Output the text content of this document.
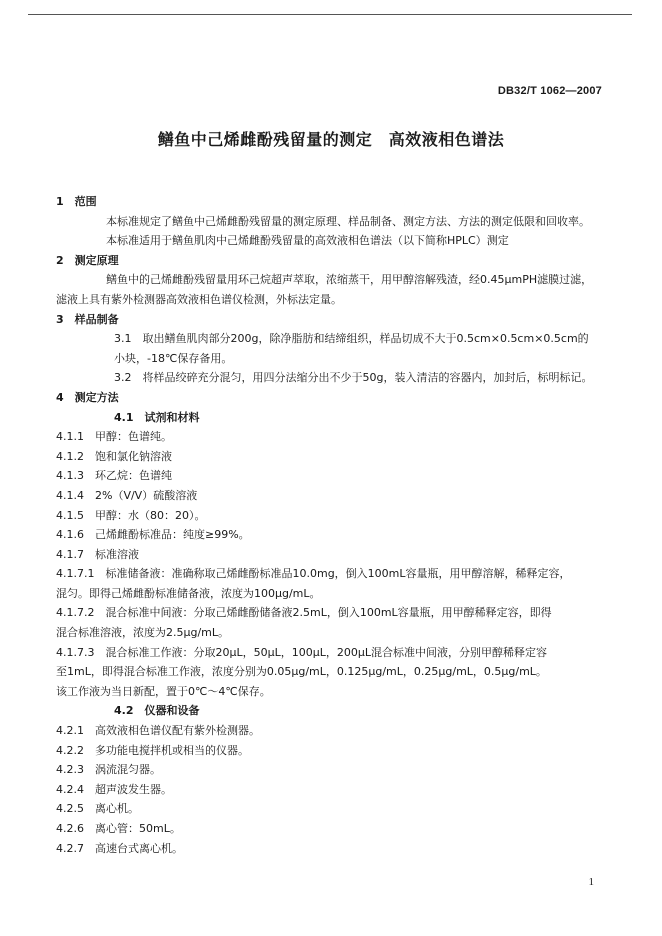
DB32/T 1062—2007
鳝鱼中己烯雌酚残留量的测定　高效液相色谱法

1　范围

本标准规定了鳝鱼中己烯雌酚残留量的测定原理、样品制备、测定方法、方法的测定低限和回收率。

本标准适用于鳝鱼肌肉中己烯雌酚残留量的高效液相色谱法（以下简称HPLC）测定

2　测定原理

鳝鱼中的己烯雌酚残留量用环己烷超声萃取，浓缩蒸干，用甲醇溶解残渣，经0.45μmPH滤膜过滤，

滤液上具有紫外检测器高效液相色谱仪检测，外标法定量。

3　样品制备

3.1　取出鳝鱼肌肉部分200g，除净脂肪和结缔组织，样品切成不大于0.5cm×0.5cm×0.5cm的

小块，-18℃保存备用。

3.2　将样品绞碎充分混匀，用四分法缩分出不少于50g，装入清洁的容器内，加封后，标明标记。

4　测定方法

4.1　试剂和材料

4.1.1　甲醇：色谱纯。

4.1.2　饱和氯化钠溶液

4.1.3　环乙烷：色谱纯

4.1.4　2%（V/V）硫酸溶液

4.1.5　甲醇：水（80：20）。

4.1.6　己烯雌酚标准品：纯度≥99%。

4.1.7　标准溶液

4.1.7.1　标准储备液：准确称取己烯雌酚标准品10.0mg，倒入100mL容量瓶，用甲醇溶解，稀释定容，

混匀。即得己烯雌酚标准储备液，浓度为100μg/mL。

4.1.7.2　混合标准中间液：分取己烯雌酚储备液2.5mL，倒入100mL容量瓶，用甲醇稀释定容，即得

混合标准溶液，浓度为2.5μg/mL。

4.1.7.3　混合标准工作液：分取20μL，50μL，100μL，200μL混合标准中间液，分别甲醇稀释定容

至1mL，即得混合标准工作液，浓度分别为0.05μg/mL，0.125μg/mL，0.25μg/mL，0.5μg/mL。

该工作液为当日新配，置于0℃～4℃保存。

4.2　仪器和设备

4.2.1　高效液相色谱仪配有紫外检测器。

4.2.2　多功能电搅拌机或相当的仪器。

4.2.3　涡流混匀器。

4.2.4　超声波发生器。

4.2.5　离心机。

4.2.6　离心管：50mL。

4.2.7　高速台式离心机。

1
